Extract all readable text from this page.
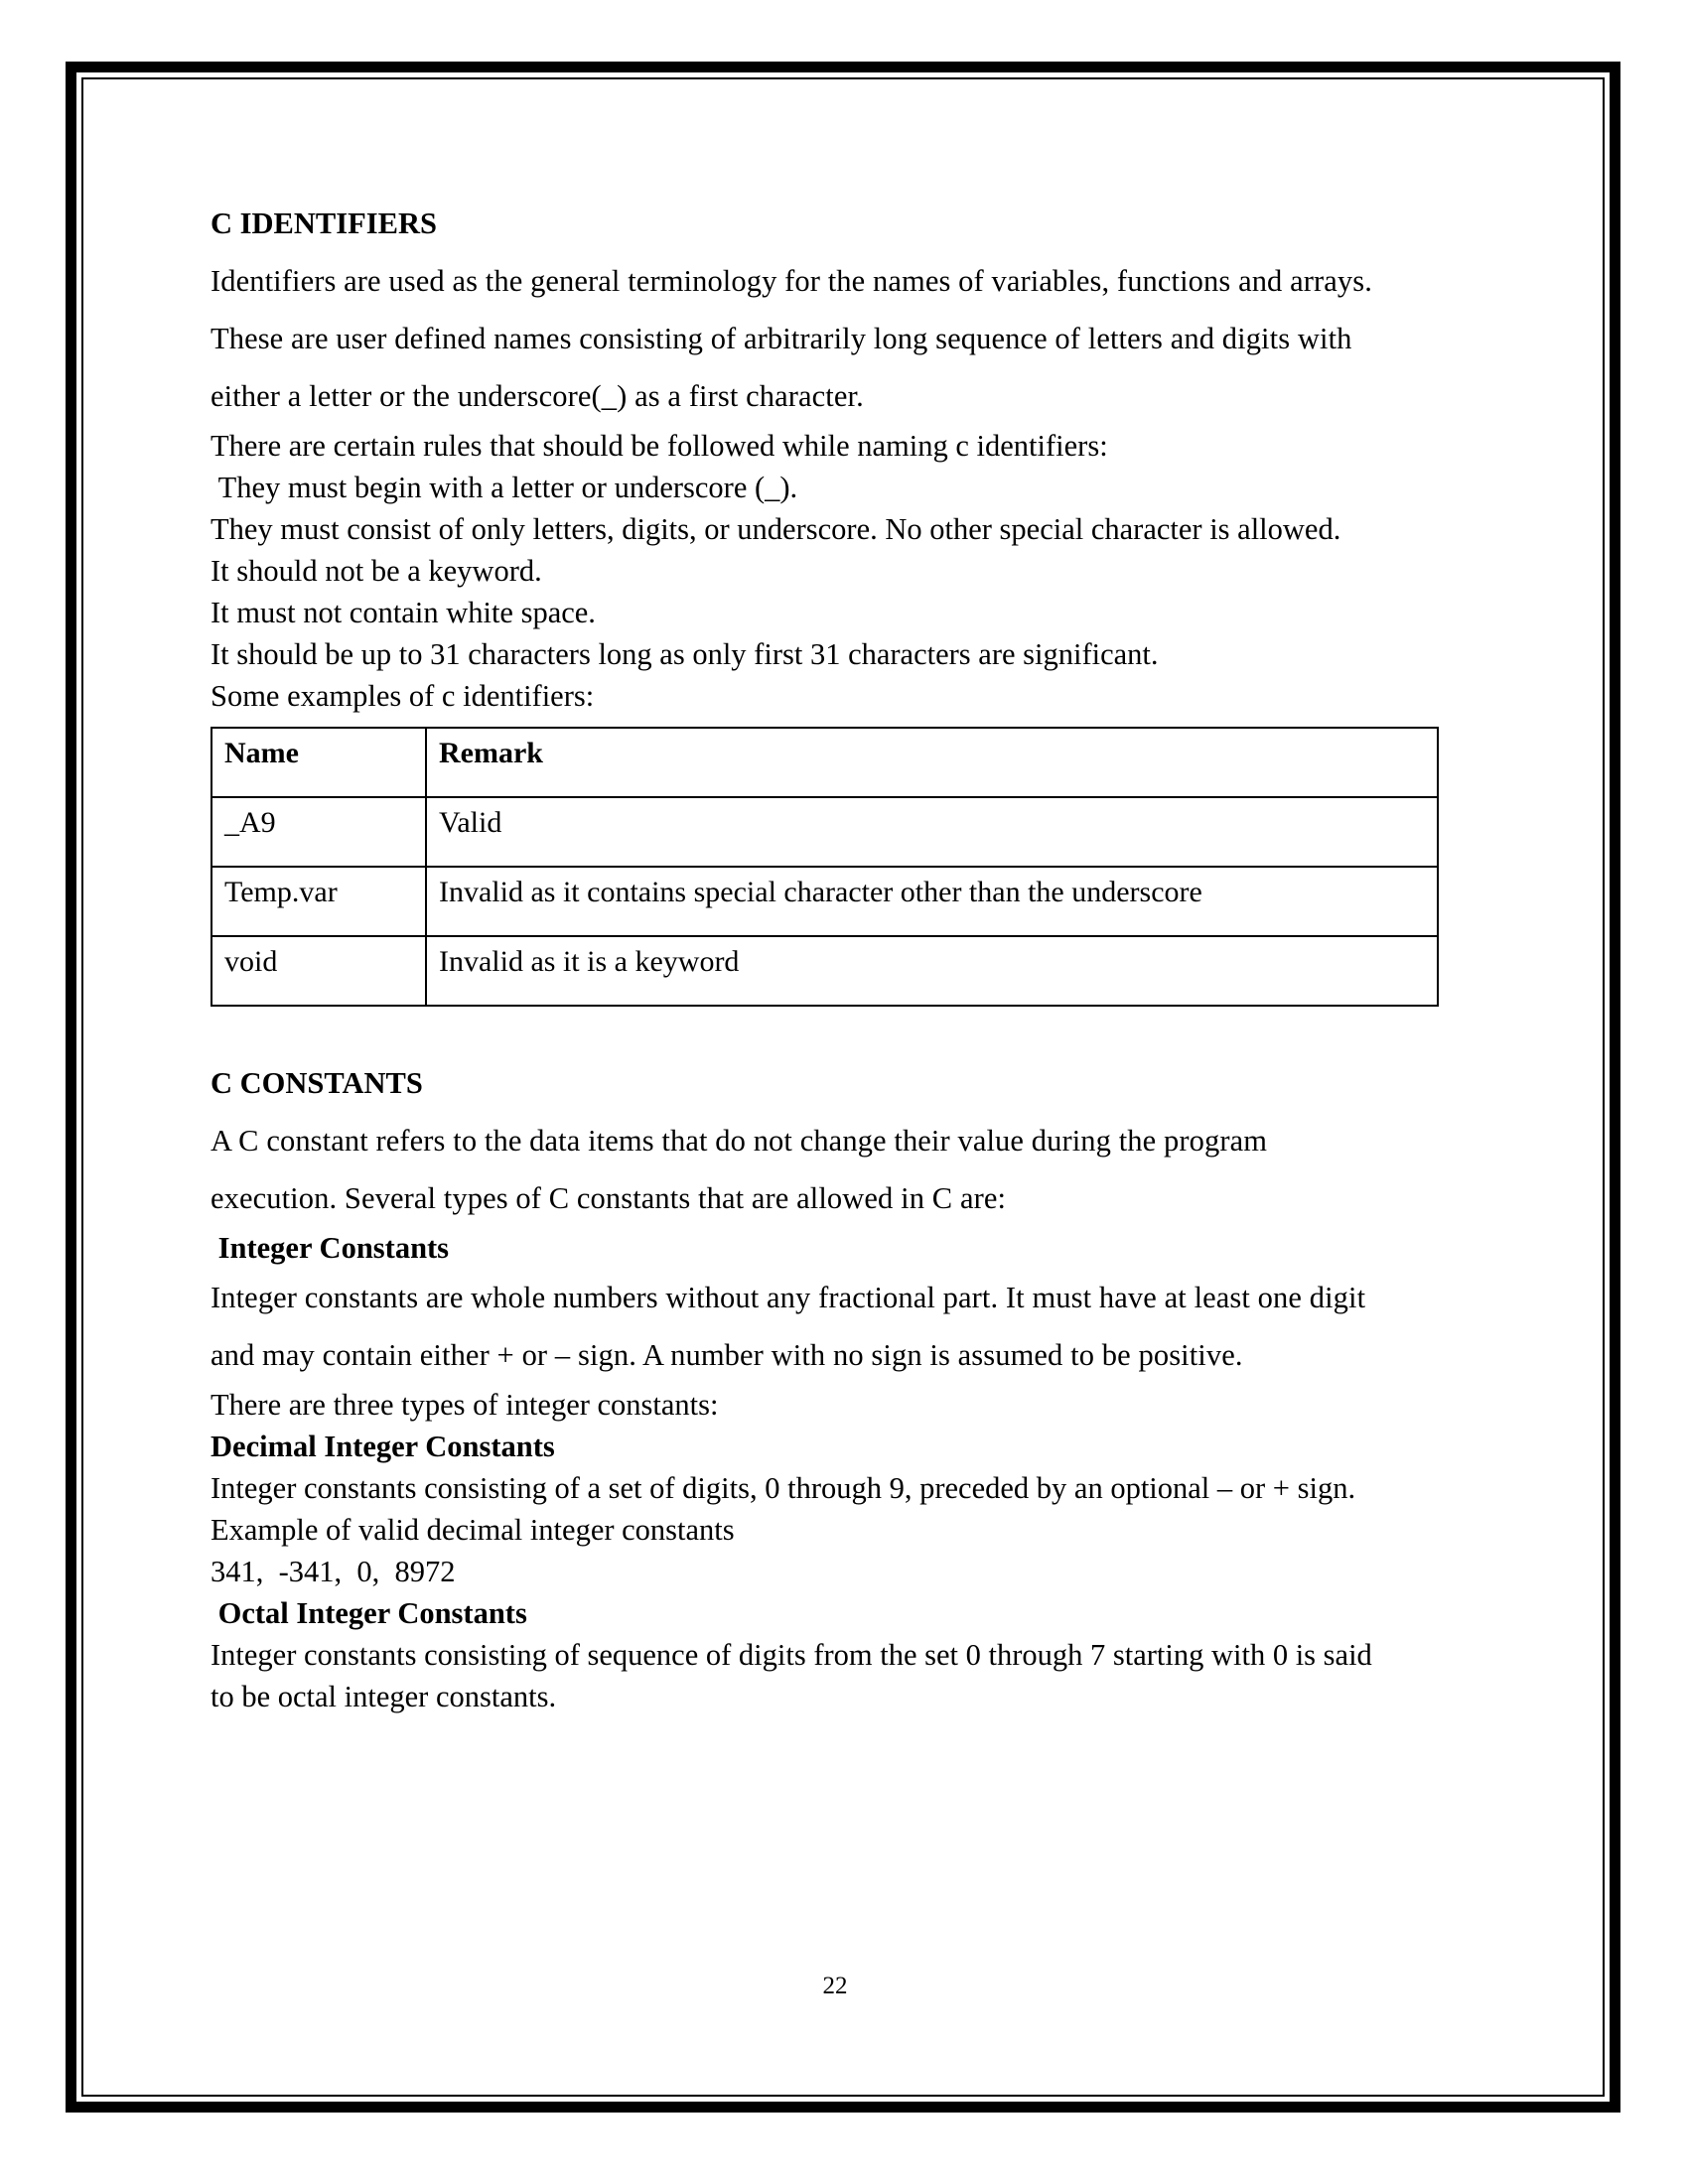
C IDENTIFIERS
Identifiers are used as the general terminology for the names of variables, functions and arrays.
These are user defined names consisting of arbitrarily long sequence of letters and digits with
either a letter or the underscore(_) as a first character.
There are certain rules that should be followed while naming c identifiers:
They must begin with a letter or underscore (_).
They must consist of only letters, digits, or underscore. No other special character is allowed.
It should not be a keyword.
It must not contain white space.
It should be up to 31 characters long as only first 31 characters are significant.
Some examples of c identifiers:
Name	Remark
_A9	Valid
Temp.var	Invalid as it contains special character other than the underscore
void	Invalid as it is a keyword
C CONSTANTS
A C constant refers to the data items that do not change their value during the program
execution. Several types of C constants that are allowed in C are:
Integer Constants
Integer constants are whole numbers without any fractional part. It must have at least one digit
and may contain either + or – sign. A number with no sign is assumed to be positive.
There are three types of integer constants:
Decimal Integer Constants
Integer constants consisting of a set of digits, 0 through 9, preceded by an optional – or + sign.
Example of valid decimal integer constants
341,  -341,  0,  8972
Octal Integer Constants
Integer constants consisting of sequence of digits from the set 0 through 7 starting with 0 is said
to be octal integer constants.
22
